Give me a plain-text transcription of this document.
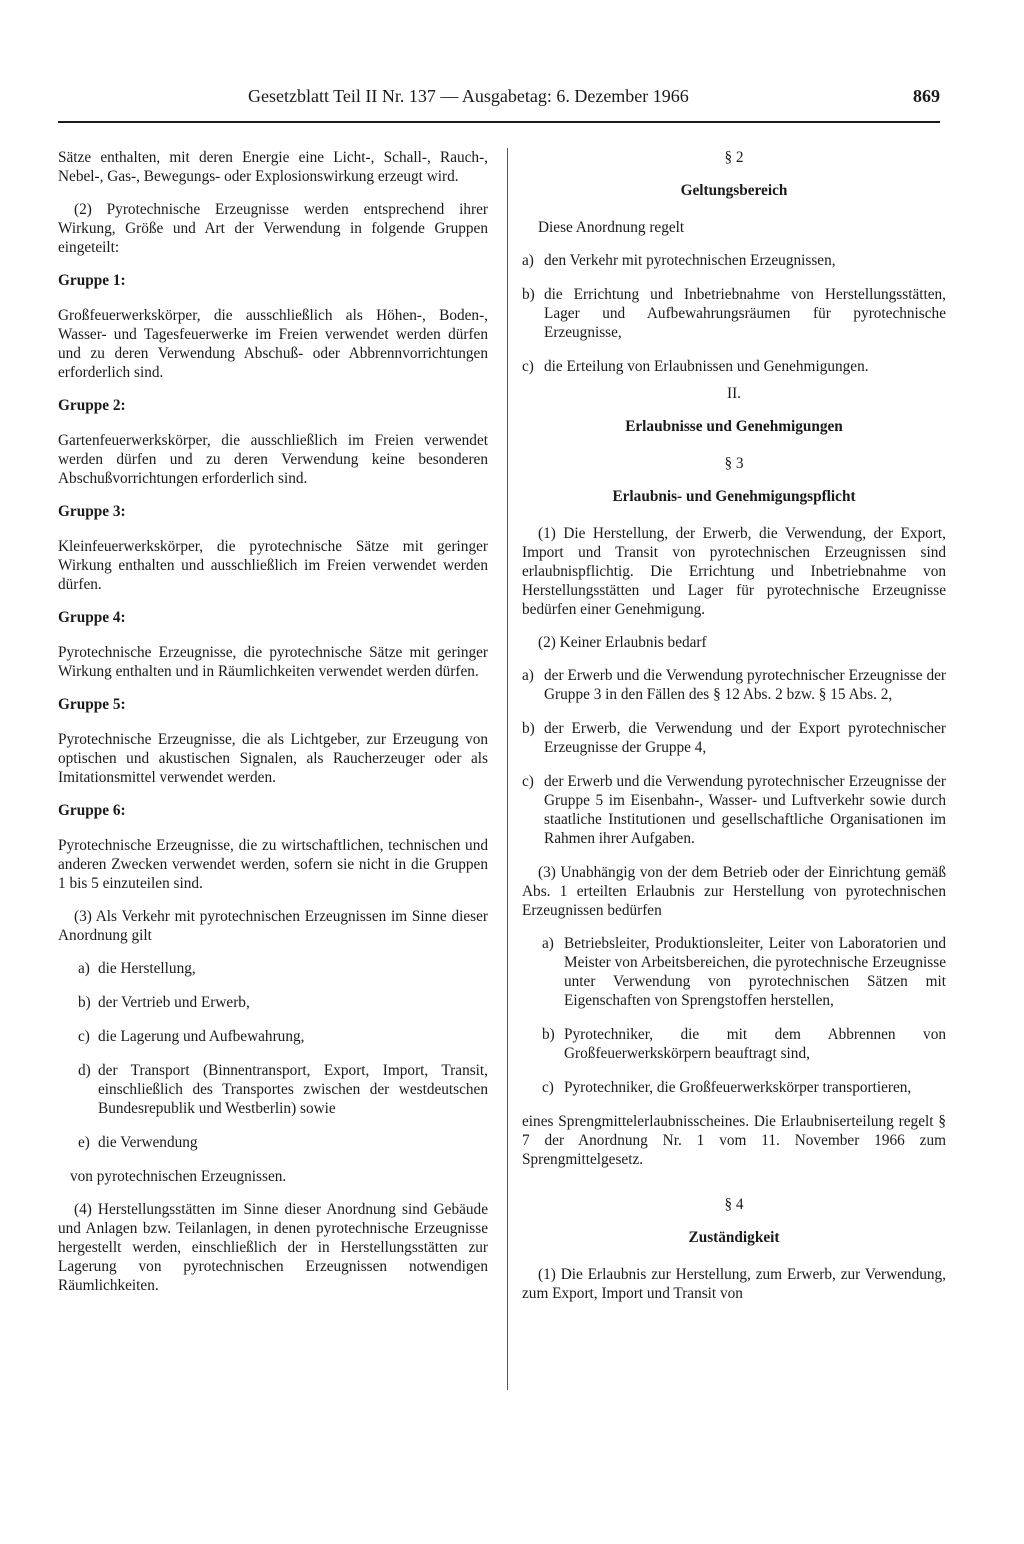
Gesetzblatt Teil II Nr. 137 — Ausgabetag: 6. Dezember 1966	869

Sätze enthalten, mit deren Energie eine Licht-, Schall-, Rauch-, Nebel-, Gas-, Bewegungs- oder Explosionswirkung erzeugt wird.

(2) Pyrotechnische Erzeugnisse werden entsprechend ihrer Wirkung, Größe und Art der Verwendung in folgende Gruppen eingeteilt:

Gruppe 1:

Großfeuerwerkskörper, die ausschließlich als Höhen-, Boden-, Wasser- und Tagesfeuerwerke im Freien verwendet werden dürfen und zu deren Verwendung Abschuß- oder Abbrennvorrichtungen erforderlich sind.

Gruppe 2:

Gartenfeuerwerkskörper, die ausschließlich im Freien verwendet werden dürfen und zu deren Verwendung keine besonderen Abschußvorrichtungen erforderlich sind.

Gruppe 3:

Kleinfeuerwerkskörper, die pyrotechnische Sätze mit geringer Wirkung enthalten und ausschließlich im Freien verwendet werden dürfen.

Gruppe 4:

Pyrotechnische Erzeugnisse, die pyrotechnische Sätze mit geringer Wirkung enthalten und in Räumlichkeiten verwendet werden dürfen.

Gruppe 5:

Pyrotechnische Erzeugnisse, die als Lichtgeber, zur Erzeugung von optischen und akustischen Signalen, als Raucherzeuger oder als Imitationsmittel verwendet werden.

Gruppe 6:

Pyrotechnische Erzeugnisse, die zu wirtschaftlichen, technischen und anderen Zwecken verwendet werden, sofern sie nicht in die Gruppen 1 bis 5 einzuteilen sind.

(3) Als Verkehr mit pyrotechnischen Erzeugnissen im Sinne dieser Anordnung gilt

a) die Herstellung,
b) der Vertrieb und Erwerb,
c) die Lagerung und Aufbewahrung,
d) der Transport (Binnentransport, Export, Import, Transit, einschließlich des Transportes zwischen der westdeutschen Bundesrepublik und Westberlin) sowie
e) die Verwendung

von pyrotechnischen Erzeugnissen.

(4) Herstellungsstätten im Sinne dieser Anordnung sind Gebäude und Anlagen bzw. Teilanlagen, in denen pyrotechnische Erzeugnisse hergestellt werden, einschließlich der in Herstellungsstätten zur Lagerung von pyrotechnischen Erzeugnissen notwendigen Räumlichkeiten.

§ 2
Geltungsbereich

Diese Anordnung regelt

a) den Verkehr mit pyrotechnischen Erzeugnissen,
b) die Errichtung und Inbetriebnahme von Herstellungsstätten, Lager und Aufbewahrungsräumen für pyrotechnische Erzeugnisse,
c) die Erteilung von Erlaubnissen und Genehmigungen.
II.
Erlaubnisse und Genehmigungen
§ 3
Erlaubnis- und Genehmigungspflicht

(1) Die Herstellung, der Erwerb, die Verwendung, der Export, Import und Transit von pyrotechnischen Erzeugnissen sind erlaubnispflichtig. Die Errichtung und Inbetriebnahme von Herstellungsstätten und Lager für pyrotechnische Erzeugnisse bedürfen einer Genehmigung.

(2) Keiner Erlaubnis bedarf

a) der Erwerb und die Verwendung pyrotechnischer Erzeugnisse der Gruppe 3 in den Fällen des § 12 Abs. 2 bzw. § 15 Abs. 2,
b) der Erwerb, die Verwendung und der Export pyrotechnischer Erzeugnisse der Gruppe 4,
c) der Erwerb und die Verwendung pyrotechnischer Erzeugnisse der Gruppe 5 im Eisenbahn-, Wasser- und Luftverkehr sowie durch staatliche Institutionen und gesellschaftliche Organisationen im Rahmen ihrer Aufgaben.

(3) Unabhängig von der dem Betrieb oder der Einrichtung gemäß Abs. 1 erteilten Erlaubnis zur Herstellung von pyrotechnischen Erzeugnissen bedürfen

a) Betriebsleiter, Produktionsleiter, Leiter von Laboratorien und Meister von Arbeitsbereichen, die pyrotechnische Erzeugnisse unter Verwendung von pyrotechnischen Sätzen mit Eigenschaften von Sprengstoffen herstellen,
b) Pyrotechniker, die mit dem Abbrennen von Großfeuerwerkskörpern beauftragt sind,
c) Pyrotechniker, die Großfeuerwerkskörper transportieren,

eines Sprengmittelerlaubnisscheines. Die Erlaubniserteilung regelt § 7 der Anordnung Nr. 1 vom 11. November 1966 zum Sprengmittelgesetz.

§ 4
Zuständigkeit

(1) Die Erlaubnis zur Herstellung, zum Erwerb, zur Verwendung, zum Export, Import und Transit von
